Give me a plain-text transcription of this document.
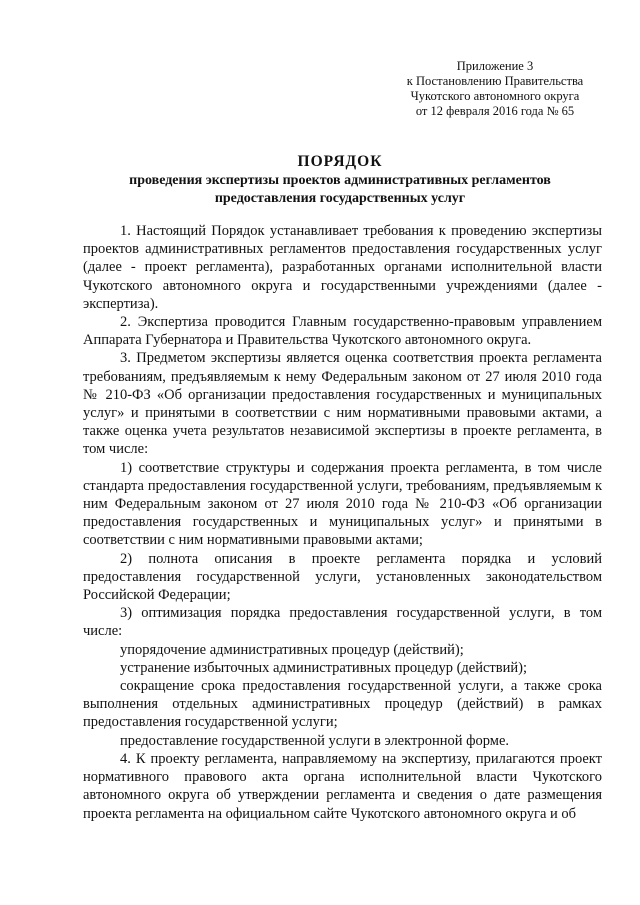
Приложение 3
к Постановлению Правительства
Чукотского автономного округа
от 12 февраля 2016 года № 65
ПОРЯДОК
проведения экспертизы проектов административных регламентов
предоставления государственных услуг

1. Настоящий Порядок устанавливает требования к проведению экспертизы проектов административных регламентов предоставления государственных услуг (далее - проект регламента), разработанных органами исполнительной власти Чукотского автономного округа и государственными учреждениями (далее - экспертиза).

2. Экспертиза проводится Главным государственно-правовым управлением Аппарата Губернатора и Правительства Чукотского автономного округа.

3. Предметом экспертизы является оценка соответствия проекта регламента требованиям, предъявляемым к нему Федеральным законом от 27 июля 2010 года № 210-ФЗ «Об организации предоставления государственных и муниципальных услуг» и принятыми в соответствии с ним нормативными правовыми актами, а также оценка учета результатов независимой экспертизы в проекте регламента, в том числе:

1) соответствие структуры и содержания проекта регламента, в том числе стандарта предоставления государственной услуги, требованиям, предъявляемым к ним Федеральным законом от 27 июля 2010 года № 210-ФЗ «Об организации предоставления государственных и муниципальных услуг» и принятыми в соответствии с ним нормативными правовыми актами;

2) полнота описания в проекте регламента порядка и условий предоставления государственной услуги, установленных законодательством Российской Федерации;

3) оптимизация порядка предоставления государственной услуги, в том числе:

упорядочение административных процедур (действий);

устранение избыточных административных процедур (действий);

сокращение срока предоставления государственной услуги, а также срока выполнения отдельных административных процедур (действий) в рамках предоставления государственной услуги;

предоставление государственной услуги в электронной форме.

4. К проекту регламента, направляемому на экспертизу, прилагаются проект нормативного правового акта органа исполнительной власти Чукотского автономного округа об утверждении регламента и сведения о дате размещения проекта регламента на официальном сайте Чукотского автономного округа и об
